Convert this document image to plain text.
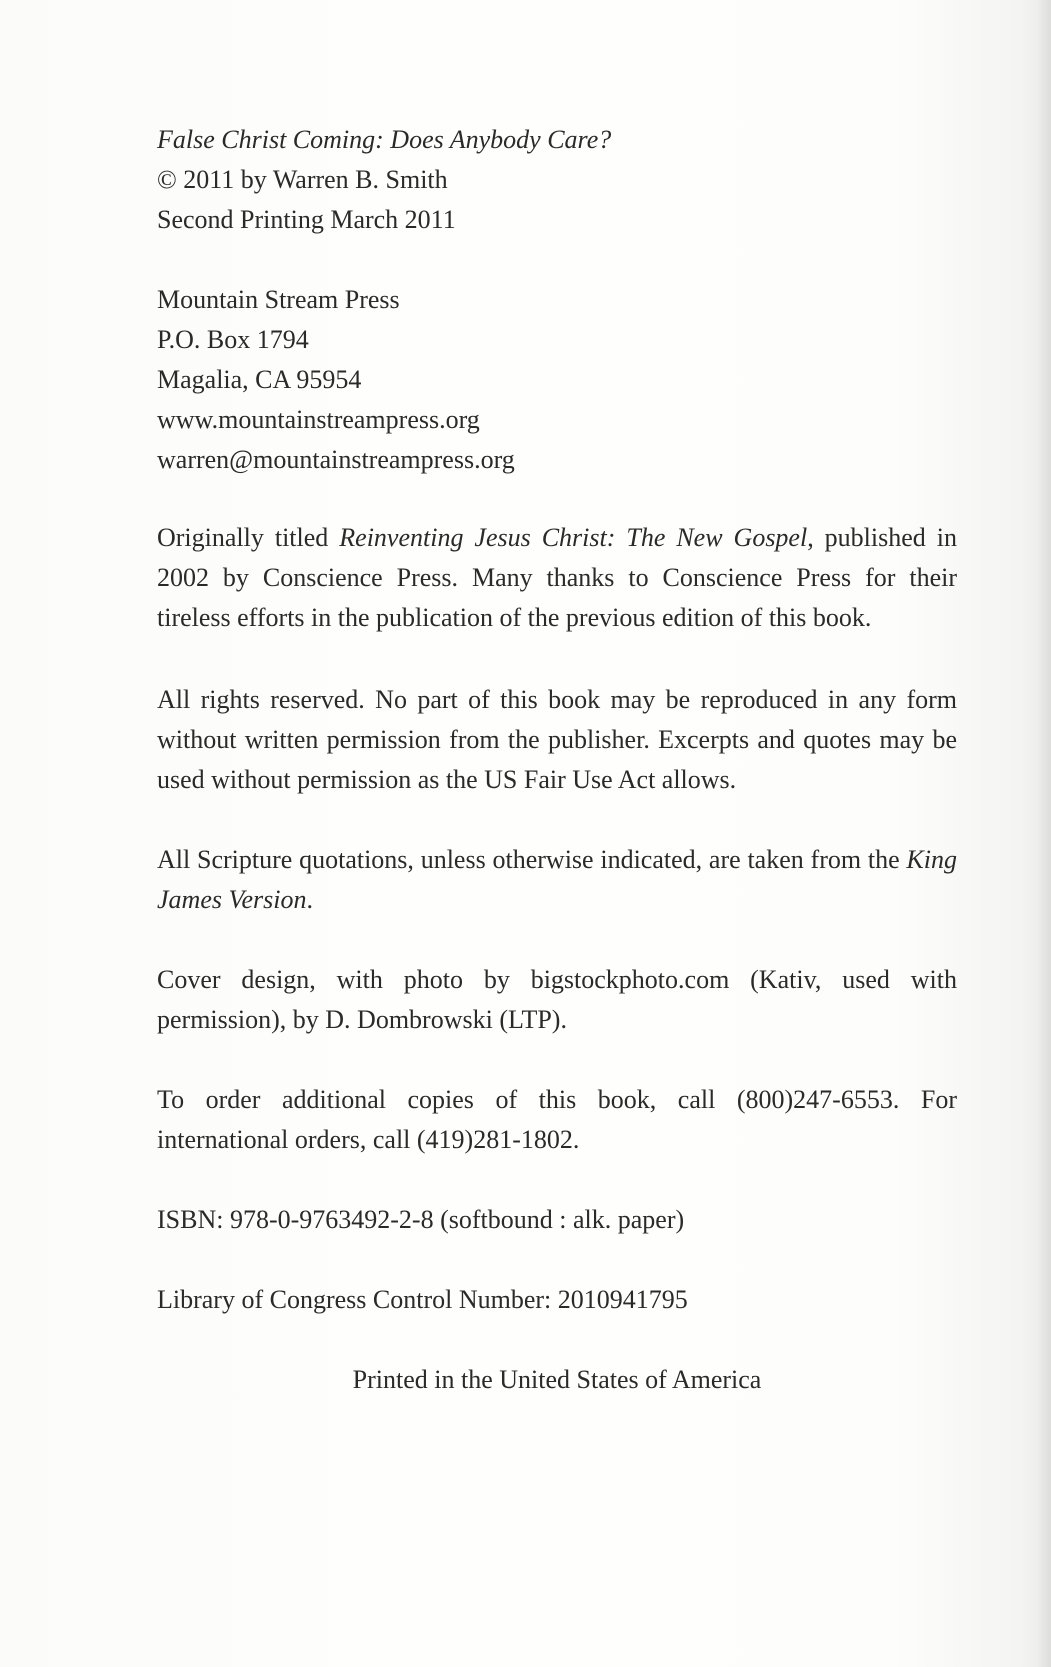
False Christ Coming: Does Anybody Care?
© 2011 by Warren B. Smith
Second Printing March 2011
Mountain Stream Press
P.O. Box 1794
Magalia, CA 95954
www.mountainstreampress.org
warren@mountainstreampress.org
Originally titled Reinventing Jesus Christ: The New Gospel, published in 2002 by Conscience Press. Many thanks to Conscience Press for their tireless efforts in the publication of the previous edition of this book.
All rights reserved. No part of this book may be reproduced in any form without written permission from the publisher. Excerpts and quotes may be used without permission as the US Fair Use Act allows.
All Scripture quotations, unless otherwise indicated, are taken from the King James Version.
Cover design, with photo by bigstockphoto.com (Kativ, used with permission), by D. Dombrowski (LTP).
To order additional copies of this book, call (800)247-6553. For international orders, call (419)281-1802.
ISBN: 978-0-9763492-2-8 (softbound : alk. paper)
Library of Congress Control Number: 2010941795
Printed in the United States of America
